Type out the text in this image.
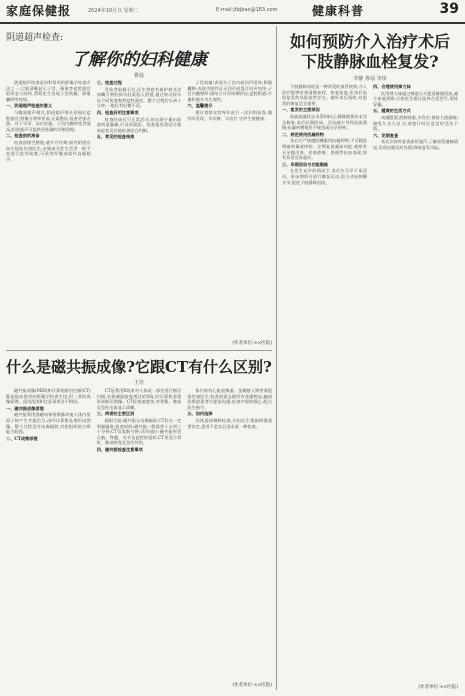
家庭保健报	2024年10月日 星期二	E-mail:jtbjbao@163.com	健康科普	39
阴道超声检查:
了解你的妇科健康
曹晨

阴道超声检查是妇科常用的影像学检查方法之一,它能清晰显示子宫、卵巢等盆腔器官的形态与结构,帮助医生发现子宫肌瘤、卵巢囊肿等疾病。

一、阴道超声检查的意义

与腹部超声相比,阴道超声探头更接近盆腔器官,图像分辨率更高,无需憋尿,检查更加方便。对于早孕、异位妊娠、子宫内膜病变等情况,阴道超声可提供更准确的诊断依据。

二、检查前的准备

检查前排空膀胱;避开月经期;如有阴道出血应提前告知医生;未婚或无性生活者一般不宜进行此项检查,可改用经腹部或经直肠超声。

三、检查过程

受检者取截石位,医生将套有保护套并涂抹耦合剂的探头轻柔放入阴道,通过转动探头从不同角度观察盆腔器官。整个过程约五到十分钟,一般仅有轻微不适。

四、检查后的注意事项

检查结束后可正常活动,如出现少量出血或明显腹痛,应及时就医。检查报告需结合临床症状及其他检查综合判断。

五、常见的检查结果

子宫肌瘤:表现为子宫内低回声团块;卵巢囊肿:表现为附件区无回声或混合回声包块;子宫内膜增厚:需结合月经周期评估;盆腔积液:少量积液多为生理性。

六、温馨提示

建议育龄女性每年进行一次妇科检查,做到早发现、早诊断、早治疗,守护生殖健康。

(作者单位:××医院)
什么是磁共振成像?它跟CT有什么区别?
王佳

磁共振成像(MRI)和计算机断层扫描(CT)都是临床常用的影像学检查手段,但二者的成像原理、适用范围和注意事项各不相同。

一、磁共振成像原理

磁共振利用强磁场和射频脉冲使人体内氢原子核产生共振信号,再经计算机处理形成图像。整个过程没有电离辐射,对软组织的分辨能力较强。

二、CT成像原理

CT是利用X线束对人体某一部位进行断层扫描,由探测器接收透过的X线,经计算机重建形成断层图像。CT检查速度快,对骨骼、肺部及急性出血显示清晰。

三、两者的主要区别

辐射方面:磁共振无电离辐射,CT存在一定剂量辐射;检查时间:磁共振一般需要十五到三十分钟,CT仅需数分钟;适用部位:磁共振更适合脑、脊髓、关节及盆腔软组织,CT更适合骨折、肺部病变及急诊外伤。

四、磁共振检查注意事项

体内装有心脏起搏器、金属植入物者需提前告知医生;检查前需去除所有金属物品;幽闭恐惧症患者应提前沟通;检查中保持静止,配合医生指令。

五、如何选择

具体选择哪种检查,应由医生根据病情需要决定,患者不必盲目追求某一种检查。

(作者单位:××医院)
如何预防介入治疗术后
下肢静脉血栓复发?
李静 鲁瑶 李伟

下肢静脉血栓是一种常见的血管疾病,介入治疗能够有效清除血栓、恢复血流,但术后血栓复发的风险依然存在。做好术后预防,对患者的康复至关重要。

一、复发的主要原因

血液高凝状态未得到纠正;静脉壁损伤未完全修复;术后长期卧床、活动减少导致血流缓慢;抗凝药物使用不规范或过早停药。

二、规范使用抗凝药物

术后应严格遵医嘱服用抗凝药物,不可随意增减剂量或停药。定期复查凝血功能,观察有无牙龈出血、皮肤瘀斑、黑便等出血表现,如有异常及时就诊。

三、早期活动与功能锻炼

在医生允许的情况下,术后应尽早下床活动。卧床期间可进行踝泵运动,即主动屈伸踝关节,促进下肢静脉回流。

四、合理使用弹力袜

医用弹力袜通过梯度压力促进静脉回流,减少血液淤滞,应按医生建议选择合适型号,坚持穿戴。

五、健康的生活方式

戒烟限酒,控制体重,多饮水,保持大便通畅;避免久坐久站,长途旅行时注意定时活动下肢。

六、定期复查

术后应按时复查血管超声,了解血管通畅情况,发现问题及时处理,降低复发风险。

(作者单位:××医院)
